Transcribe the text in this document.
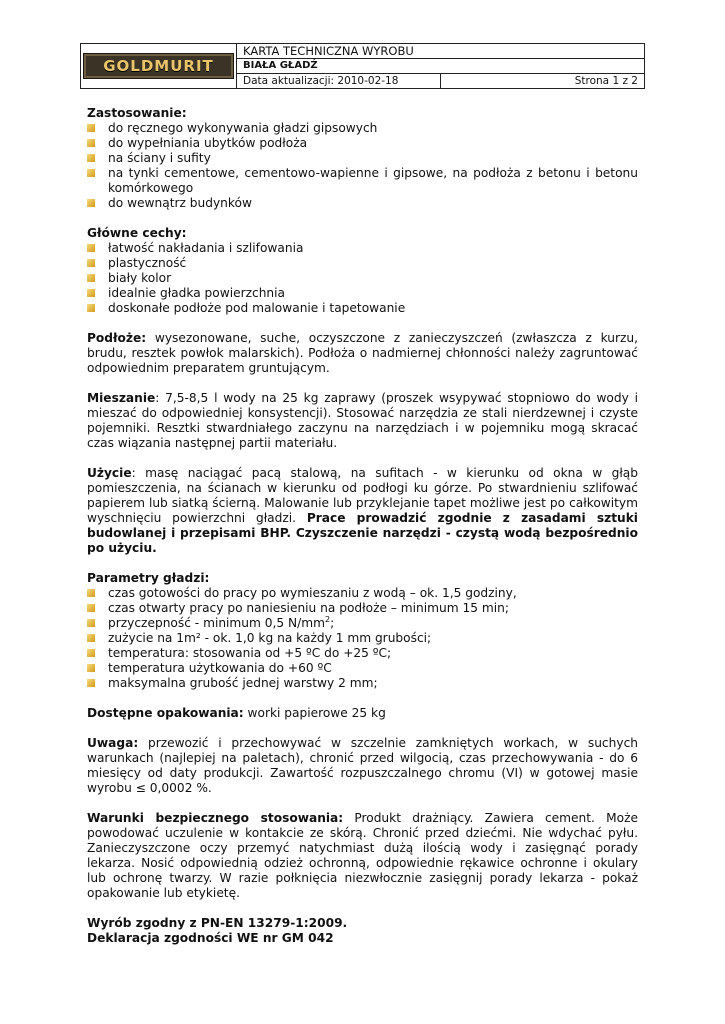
GOLDMURIT	KARTA TECHNICZNA WYROBU	
	BIAŁA GŁADŹ	
	Data aktualizacji: 2010-02-18	Strona 1 z 2
Zastosowanie:
do ręcznego wykonywania gładzi gipsowych
do wypełniania ubytków podłoża
na ściany i sufity
na tynki cementowe, cementowo-wapienne i gipsowe, na podłoża z betonu i betonu komórkowego
do wewnątrz budynków
Główne cechy:
łatwość nakładania i szlifowania
plastyczność
biały kolor
idealnie gładka powierzchnia
doskonałe podłoże pod malowanie i tapetowanie

Podłoże: wysezonowane, suche, oczyszczone z zanieczyszczeń (zwłaszcza z kurzu, brudu, resztek powłok malarskich). Podłoża o nadmiernej chłonności należy zagruntować odpowiednim preparatem gruntującym.

Mieszanie: 7,5-8,5 l wody na 25 kg zaprawy (proszek wsypywać stopniowo do wody i mieszać do odpowiedniej konsystencji). Stosować narzędzia ze stali nierdzewnej i czyste pojemniki. Resztki stwardniałego zaczynu na narzędziach i w pojemniku mogą skracać czas wiązania następnej partii materiału.

Użycie: masę naciągać pacą stalową, na sufitach - w kierunku od okna w głąb pomieszczenia, na ścianach w kierunku od podłogi ku górze. Po stwardnieniu szlifować papierem lub siatką ścierną. Malowanie lub przyklejanie tapet możliwe jest po całkowitym wyschnięciu powierzchni gładzi. Prace prowadzić zgodnie z zasadami sztuki budowlanej i przepisami BHP. Czyszczenie narzędzi - czystą wodą bezpośrednio po użyciu.

Parametry gładzi:
czas gotowości do pracy po wymieszaniu z wodą – ok. 1,5 godziny,
czas otwarty pracy po naniesieniu na podłoże – minimum 15 min;
przyczepność - minimum 0,5 $N/mm^2$;
zużycie na 1m² - ok. 1,0 kg na każdy 1 mm grubości;
temperatura: stosowania od +5 ºC do +25 ºC;
temperatura użytkowania do +60 ºC
maksymalna grubość jednej warstwy 2 mm;

Dostępne opakowania: worki papierowe 25 kg

Uwaga: przewozić i przechowywać w szczelnie zamkniętych workach, w suchych warunkach (najlepiej na paletach), chronić przed wilgocią, czas przechowywania - do 6 miesięcy od daty produkcji. Zawartość rozpuszczalnego chromu (VI) w gotowej masie wyrobu ≤ 0,0002 %.

Warunki bezpiecznego stosowania: Produkt drażniący. Zawiera cement. Może powodować uczulenie w kontakcie ze skórą. Chronić przed dziećmi. Nie wdychać pyłu. Zanieczyszczone oczy przemyć natychmiast dużą ilością wody i zasięgnąć porady lekarza. Nosić odpowiednią odzież ochronną, odpowiednie rękawice ochronne i okulary lub ochronę twarzy. W razie połknięcia niezwłocznie zasięgnij porady lekarza - pokaż opakowanie lub etykietę.

Wyrób zgodny z PN-EN 13279-1:2009.
Deklaracja zgodności WE nr GM 042
